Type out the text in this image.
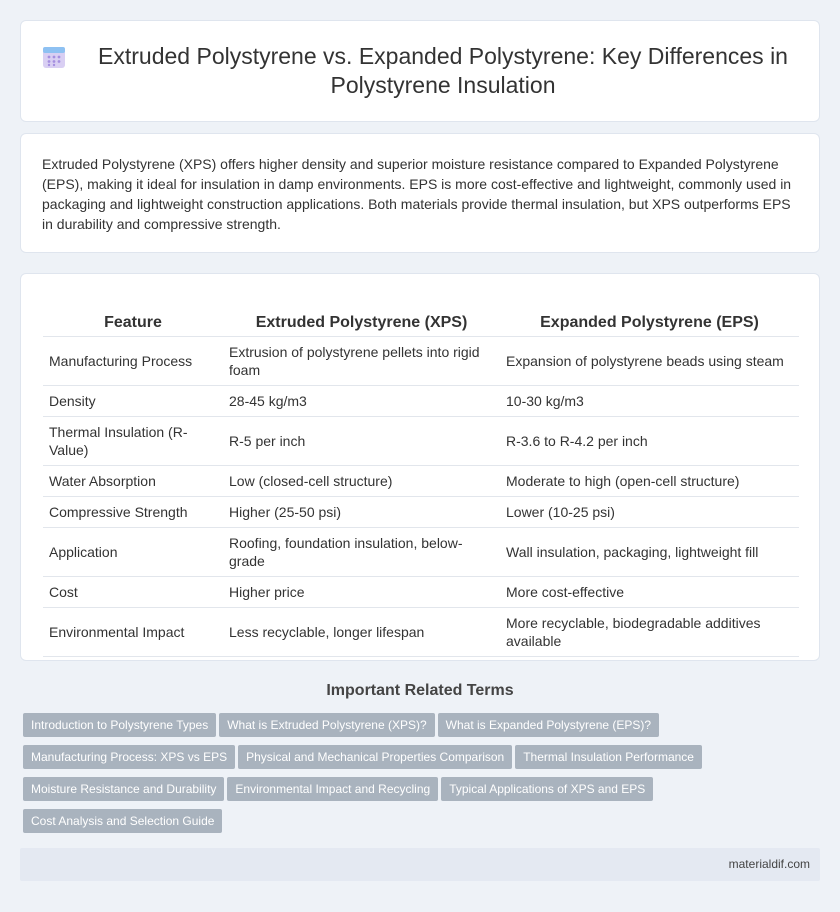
Extruded Polystyrene vs. Expanded Polystyrene: Key Differences in Polystyrene Insulation

Extruded Polystyrene (XPS) offers higher density and superior moisture resistance compared to Expanded Polystyrene (EPS), making it ideal for insulation in damp environments. EPS is more cost-effective and lightweight, commonly used in packaging and lightweight construction applications. Both materials provide thermal insulation, but XPS outperforms EPS in durability and compressive strength.

Feature	Extruded Polystyrene (XPS)	Expanded Polystyrene (EPS)
Manufacturing Process	Extrusion of polystyrene pellets into rigid foam	Expansion of polystyrene beads using steam
Density	28-45 kg/m3	10-30 kg/m3
Thermal Insulation (R-Value)	R-5 per inch	R-3.6 to R-4.2 per inch
Water Absorption	Low (closed-cell structure)	Moderate to high (open-cell structure)
Compressive Strength	Higher (25-50 psi)	Lower (10-25 psi)
Application	Roofing, foundation insulation, below-grade	Wall insulation, packaging, lightweight fill
Cost	Higher price	More cost-effective
Environmental Impact	Less recyclable, longer lifespan	More recyclable, biodegradable additives available
Important Related Terms
Introduction to Polystyrene Types What is Extruded Polystyrene (XPS)? What is Expanded Polystyrene (EPS)?
Manufacturing Process: XPS vs EPS Physical and Mechanical Properties Comparison Thermal Insulation Performance
Moisture Resistance and Durability Environmental Impact and Recycling Typical Applications of XPS and EPS
Cost Analysis and Selection Guide
materialdif.com
